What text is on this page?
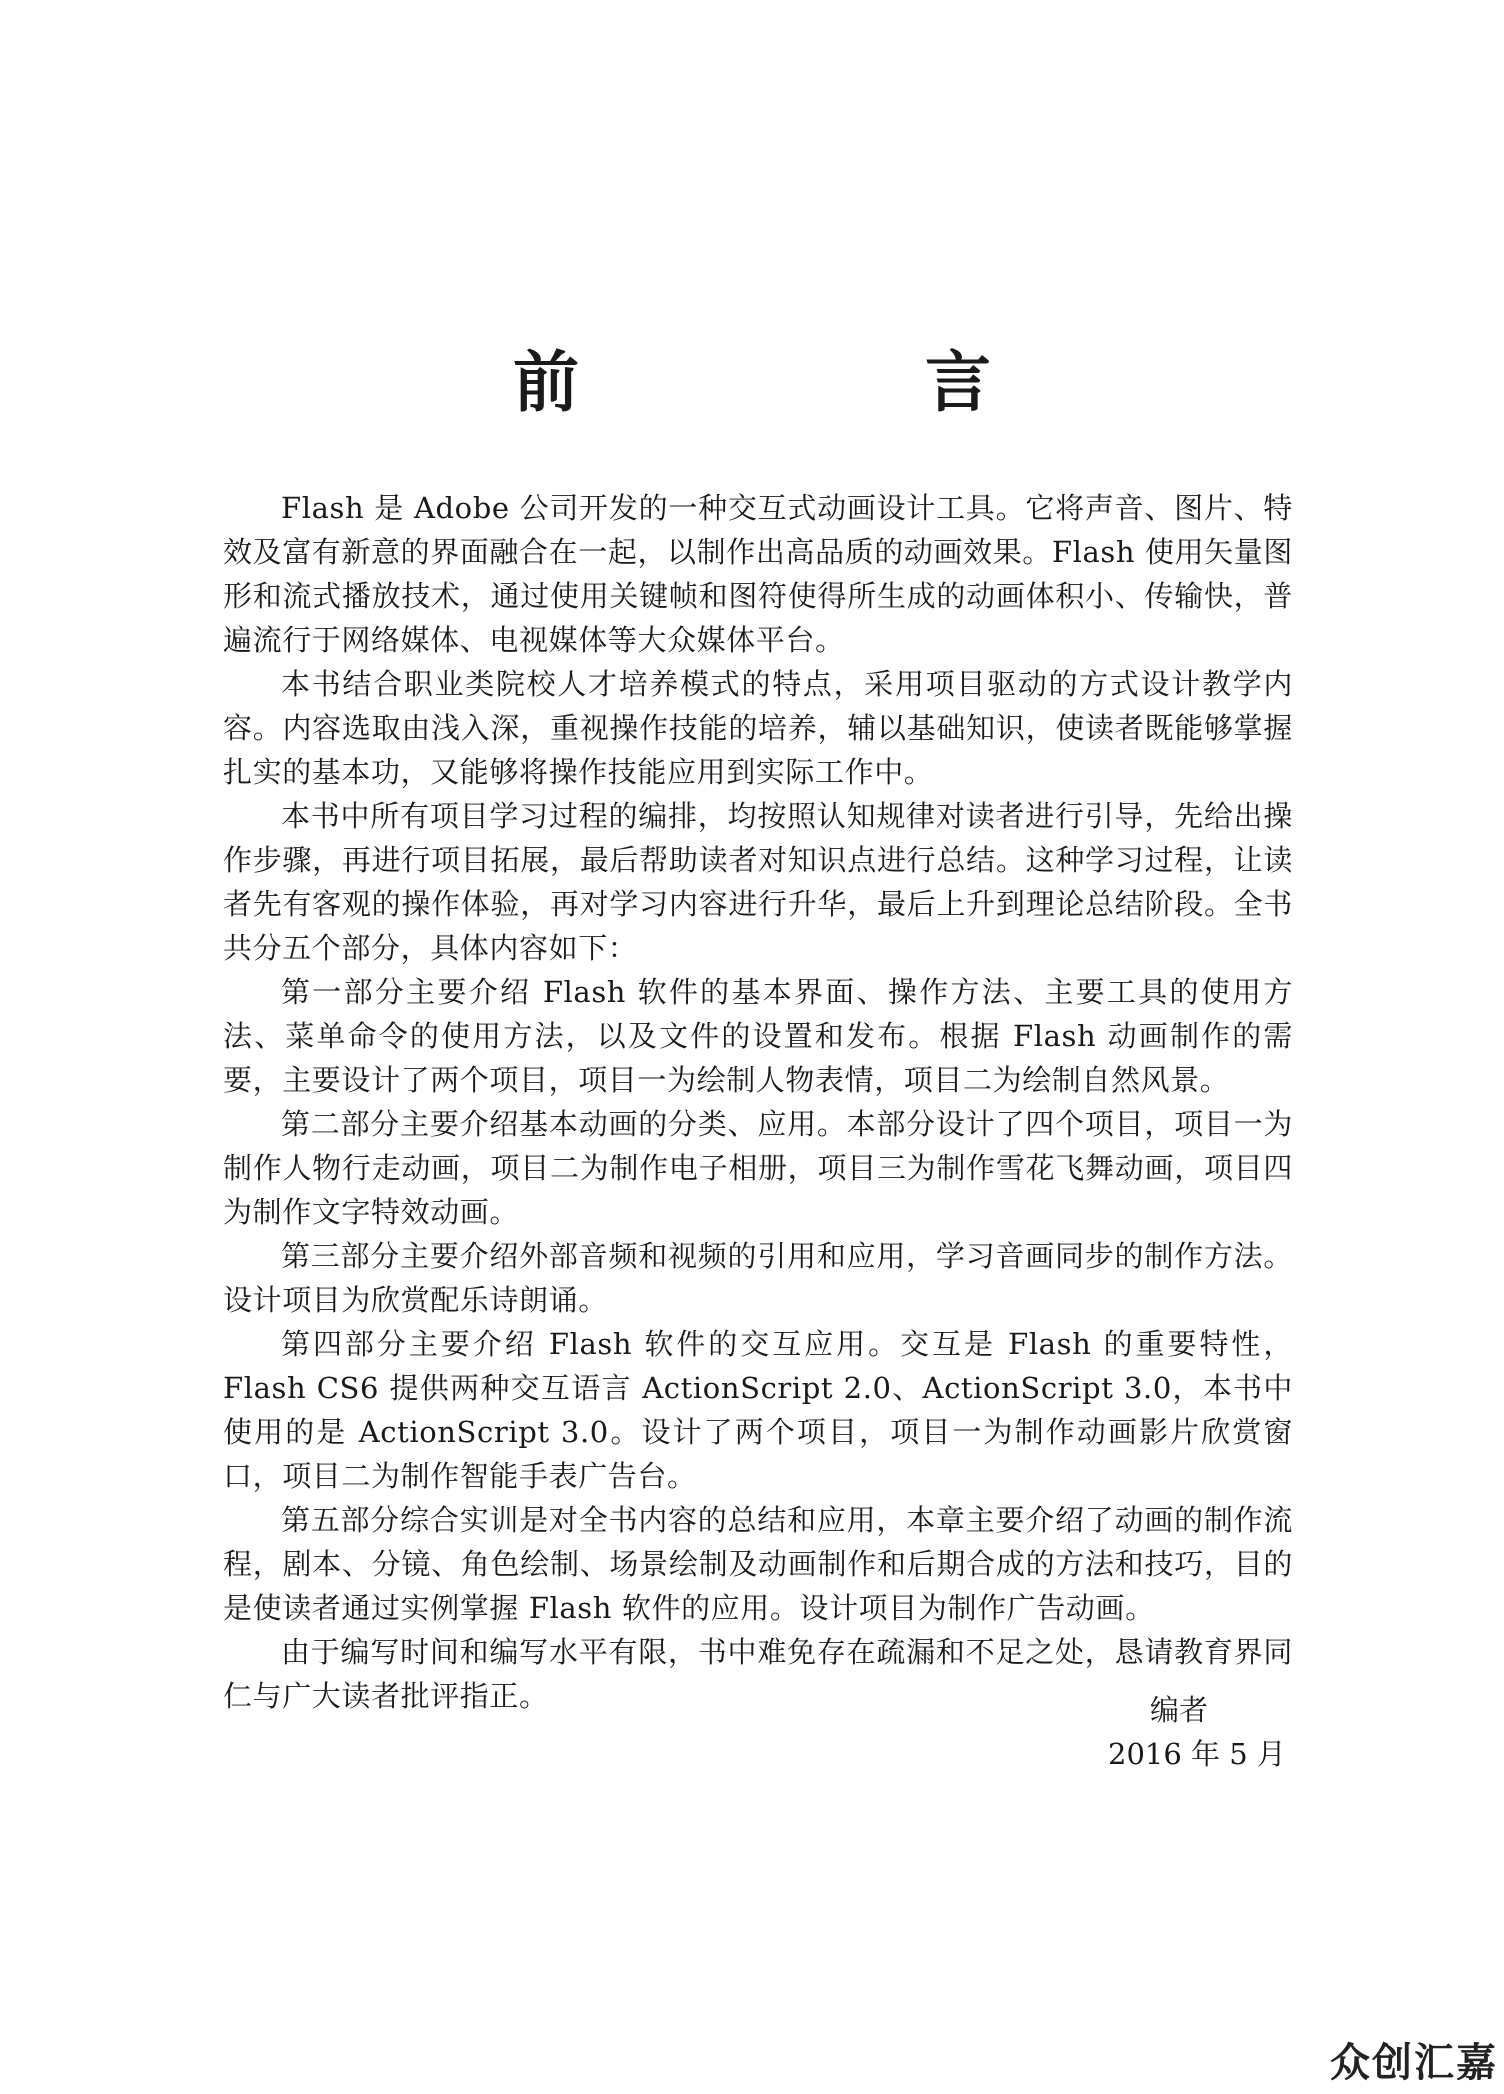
前　言

Flash 是 Adobe 公司开发的一种交互式动画设计工具。它将声音、图片、特效及富有新意的界面融合在一起，以制作出高品质的动画效果。Flash 使用矢量图形和流式播放技术，通过使用关键帧和图符使得所生成的动画体积小、传输快，普遍流行于网络媒体、电视媒体等大众媒体平台。

本书结合职业类院校人才培养模式的特点，采用项目驱动的方式设计教学内容。内容选取由浅入深，重视操作技能的培养，辅以基础知识，使读者既能够掌握扎实的基本功，又能够将操作技能应用到实际工作中。

本书中所有项目学习过程的编排，均按照认知规律对读者进行引导，先给出操作步骤，再进行项目拓展，最后帮助读者对知识点进行总结。这种学习过程，让读者先有客观的操作体验，再对学习内容进行升华，最后上升到理论总结阶段。全书共分五个部分，具体内容如下：

第一部分主要介绍 Flash 软件的基本界面、操作方法、主要工具的使用方法、菜单命令的使用方法，以及文件的设置和发布。根据 Flash 动画制作的需要，主要设计了两个项目，项目一为绘制人物表情，项目二为绘制自然风景。

第二部分主要介绍基本动画的分类、应用。本部分设计了四个项目，项目一为制作人物行走动画，项目二为制作电子相册，项目三为制作雪花飞舞动画，项目四为制作文字特效动画。

第三部分主要介绍外部音频和视频的引用和应用，学习音画同步的制作方法。设计项目为欣赏配乐诗朗诵。

第四部分主要介绍 Flash 软件的交互应用。交互是 Flash 的重要特性，Flash CS6 提供两种交互语言 ActionScript 2.0、ActionScript 3.0，本书中使用的是 ActionScript 3.0。设计了两个项目，项目一为制作动画影片欣赏窗口，项目二为制作智能手表广告台。

第五部分综合实训是对全书内容的总结和应用，本章主要介绍了动画的制作流程，剧本、分镜、角色绘制、场景绘制及动画制作和后期合成的方法和技巧，目的是使读者通过实例掌握 Flash 软件的应用。设计项目为制作广告动画。

由于编写时间和编写水平有限，书中难免存在疏漏和不足之处，恳请教育界同仁与广大读者批评指正。	编者
2016 年 5 月
众创汇嘉
